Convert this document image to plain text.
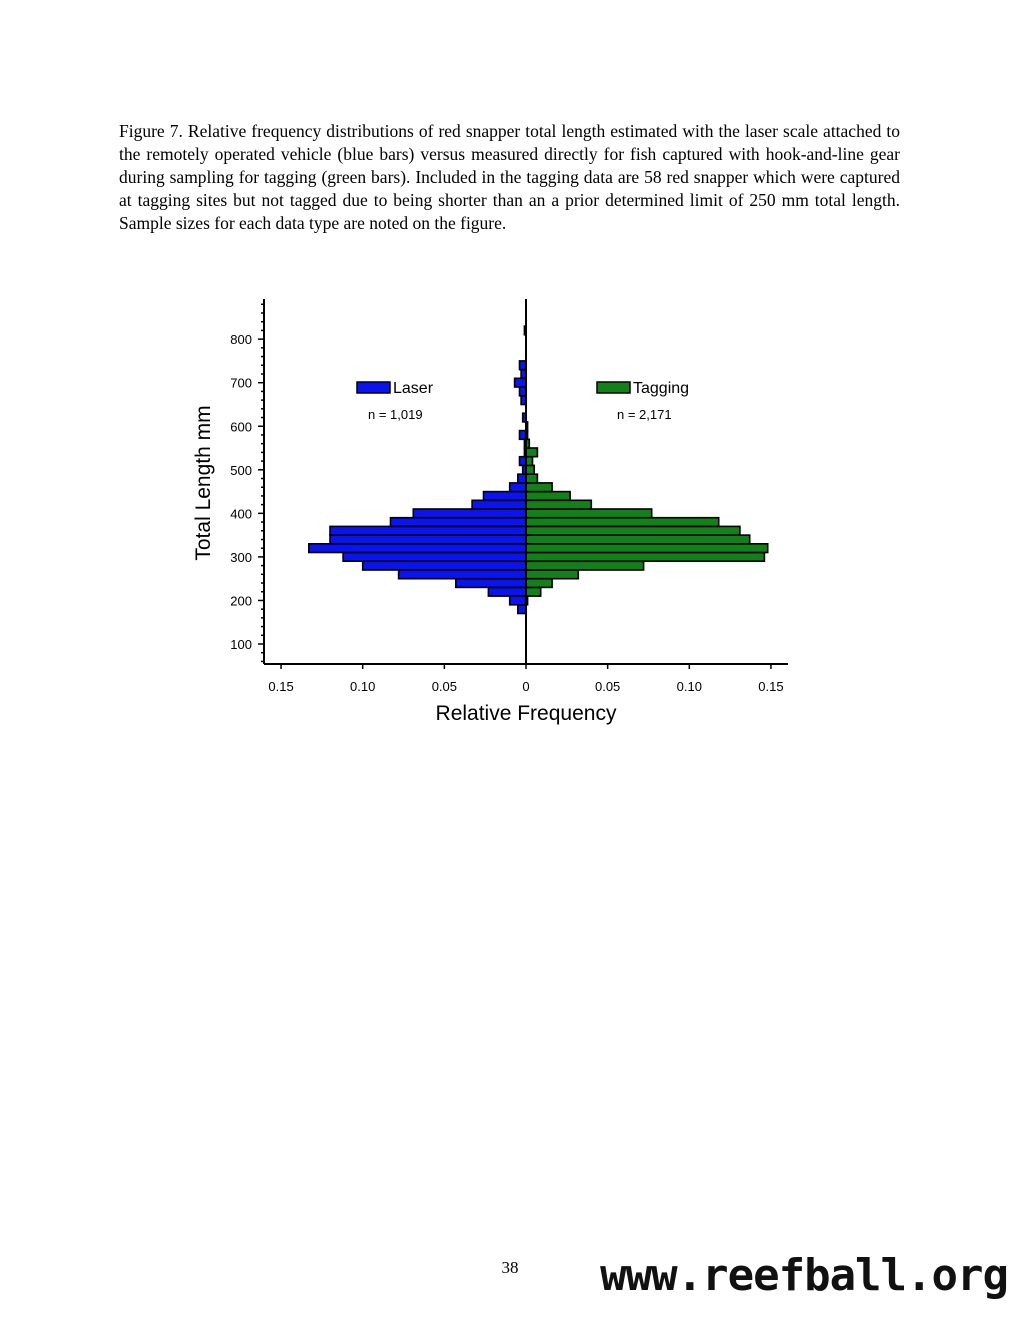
Figure 7. Relative frequency distributions of red snapper total length estimated with the laser scale attached to the remotely operated vehicle (blue bars) versus measured directly for fish captured with hook-and-line gear during sampling for tagging (green bars). Included in the tagging data are 58 red snapper which were captured at tagging sites but not tagged due to being shorter than an a prior determined limit of 250 mm total length. Sample sizes for each data type are noted on the figure.

100
200
300
400
500
600
700
800
0.15	0.10	0.05	0	0.05	0.10	0.15
Laser
n = 1,019
Tagging
n = 2,171
Relative Frequency
Total Length mm
38 www.reefball.org
